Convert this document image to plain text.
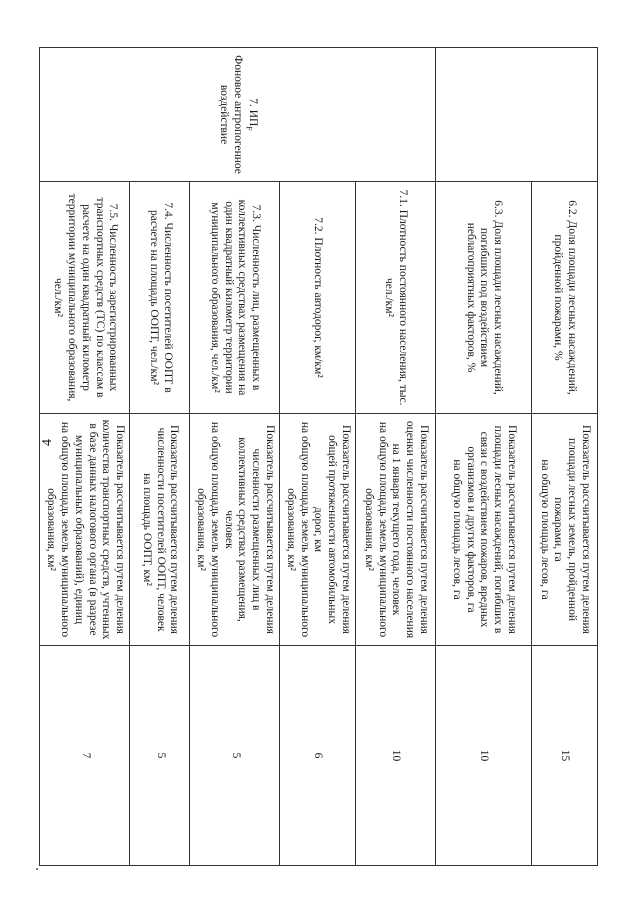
4
	6.2. Доля площади лесных насаждений, пройденной пожарами, %	Показатель рассчитывается путем деления площади лесных земель, пройденной пожарами, га
на общую площадь лесов, га	15
	6.3. Доля площади лесных насаждений, погибших под воздействием неблагоприятных факторов, %	Показатель рассчитывается путем деления площади лесных насаждений, погибших в связи с воздействием пожаров, вредных
организмов и других факторов, га
на общую площадь лесов, га	10

7. $ИП_F$
Фоновое антропогенное воздействие	7.1. Плотность постоянного населения, тыс. чел./км²	Показатель рассчитывается путем деления оценки численности постоянного населения на 1 января текущего года, человек
на общую площадь земель муниципального образования, км²	10
	7.2. Плотность автодорог, км/км²	Показатель рассчитывается путем деления общей протяженности автомобильных дорог, км
на общую площадь земель муниципального образования, км²	6
	7.3. Численность лиц, размещенных в коллективных средствах размещения на один квадратный километр территории муниципального образования, чел./км²	Показатель рассчитывается путем деления численности размещенных лиц в коллективных средствах размещения, человек
на общую площадь земель муниципального образования, км²	5
	7.4. Численность посетителей ООПТ в расчете на площадь ООПТ, чел./км²	Показатель рассчитывается путем деления численности посетителей ООПТ, человек
на площадь ООПТ, км²	5
	7.5. Численность зарегистрированных транспортных средств (ТС) по классам в расчете на один квадратный километр территории муниципального образования, чел./км²	Показатель рассчитывается путем деления количества транспортных средств, учтенных в базе данных налогового органа (в разрезе муниципальных образований), единиц
на общую площадь земель муниципального образования, км²	7
